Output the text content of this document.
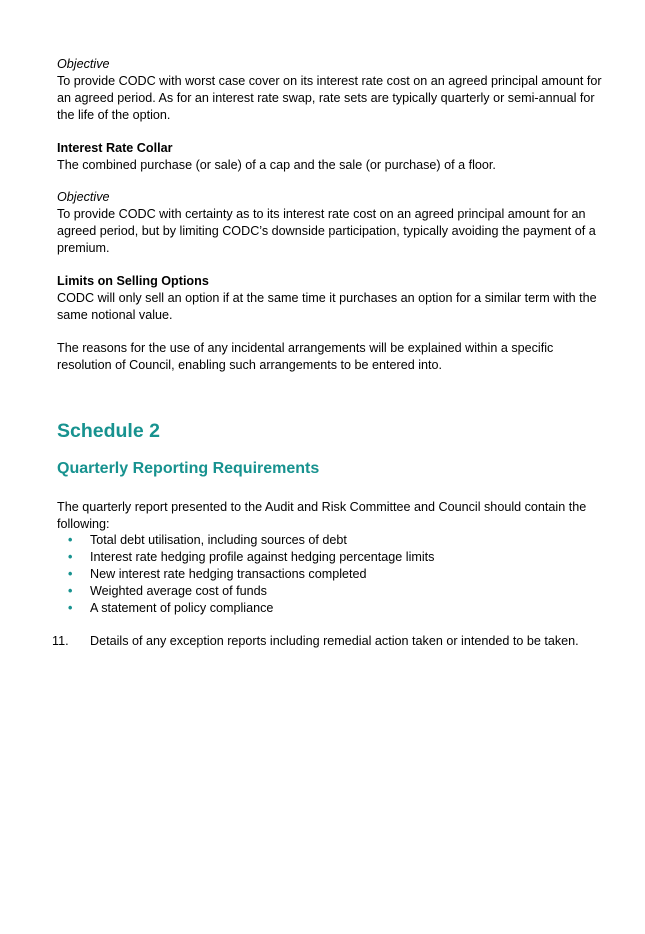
Objective

To provide CODC with worst case cover on its interest rate cost on an agreed principal amount for an agreed period. As for an interest rate swap, rate sets are typically quarterly or semi-annual for the life of the option.

Interest Rate Collar

The combined purchase (or sale) of a cap and the sale (or purchase) of a floor.

Objective

To provide CODC with certainty as to its interest rate cost on an agreed principal amount for an agreed period, but by limiting CODC’s downside participation, typically avoiding the payment of a premium.

Limits on Selling Options

CODC will only sell an option if at the same time it purchases an option for a similar term with the same notional value.

The reasons for the use of any incidental arrangements will be explained within a specific resolution of Council, enabling such arrangements to be entered into.

Schedule 2
Quarterly Reporting Requirements

The quarterly report presented to the Audit and Risk Committee and Council should contain the following:

• Total debt utilisation, including sources of debt
• Interest rate hedging profile against hedging percentage limits
• New interest rate hedging transactions completed
• Weighted average cost of funds
• A statement of policy compliance
11. Details of any exception reports including remedial action taken or intended to be taken.
